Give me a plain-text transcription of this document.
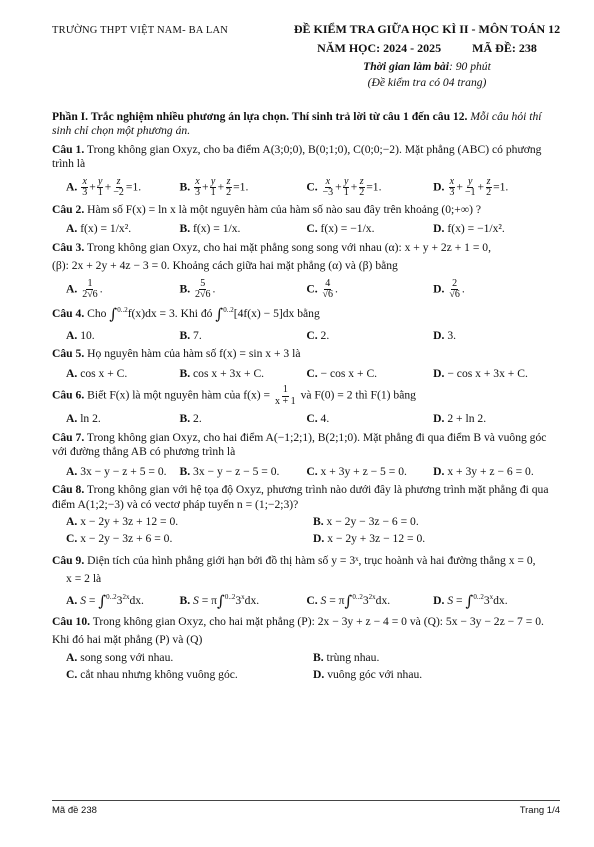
TRƯỜNG THPT VIỆT NAM- BA LAN	ĐỀ KIỂM TRA GIỮA HỌC KÌ II - MÔN TOÁN 12
NĂM HỌC: 2024 - 2025	MÃ ĐỀ: 238
Thời gian làm bài: 90 phút
(Đề kiểm tra có 04 trang)
Phần I. Trắc nghiệm nhiều phương án lựa chọn. Thí sinh trả lời từ câu 1 đến câu 12. Mỗi câu hỏi thí sinh chỉ chọn một phương án.

Câu 1. Trong không gian Oxyz, cho ba điểm A(3;0;0), B(0;1;0), C(0;0;−2). Mặt phẳng (ABC) có phương trình là

A. $\frac{x}{3} + \frac{y}{1} + \frac{z}{-2} =1$.	B. $\frac{x}{3} + \frac{y}{1} + \frac{z}{2} =1$.	C. $\frac{x}{-3} + \frac{y}{1} + \frac{z}{2} =1$.	D. $\frac{x}{3} + \frac{y}{-1} + \frac{z}{2} =1$.

Câu 2. Hàm số F(x) = ln x là một nguyên hàm của hàm số nào sau đây trên khoảng (0;+∞) ?

A. f(x) = 1/x².	B. f(x) = 1/x.	C. f(x) = −1/x.	D. f(x) = −1/x².

Câu 3. Trong không gian Oxyz, cho hai mặt phẳng song song với nhau (α): x + y + 2z + 1 = 0,

(β): 2x + 2y + 4z − 3 = 0. Khoảng cách giữa hai mặt phẳng (α) và (β) bằng

A. $\frac{1}{2√6}$ .	B. $\frac{5}{2√6}$ .	C. $\frac{4}{√6}$ .	D. $\frac{2}{√6}$ .

Câu 4. Cho ∫$^{0..2}$f(x)dx = 3. Khi đó ∫$^{0..2}$[4f(x) − 5]dx bằng

A. 10.	B. 7.	C. 2.	D. 3.

Câu 5. Họ nguyên hàm của hàm số f(x) = sin x + 3 là

A. cos x + C.	B. cos x + 3x + C.	C. − cos x + C.	D. − cos x + 3x + C.

Câu 6. Biết F(x) là một nguyên hàm của $f(x) = \frac{1}{x + 1}$ và F(0) = 2 thì F(1) bằng

A. ln 2.	B. 2.	C. 4.	D. 2 + ln 2.

Câu 7. Trong không gian Oxyz, cho hai điểm A(−1;2;1), B(2;1;0). Mặt phẳng đi qua điểm B và vuông góc với đường thẳng AB có phương trình là

A. 3x − y − z + 5 = 0.	B. 3x − y − z − 5 = 0.	C. x + 3y + z − 5 = 0.	D. x + 3y + z − 6 = 0.

Câu 8. Trong không gian với hệ tọa độ Oxyz, phương trình nào dưới đây là phương trình mặt phẳng đi qua điểm A(1;2;−3) và có vectơ pháp tuyến n = (1;−2;3)?

A. x − 2y + 3z + 12 = 0.	B. x − 2y − 3z − 6 = 0.
C. x − 2y − 3z + 6 = 0.	D. x − 2y + 3z − 12 = 0.

Câu 9. Diện tích của hình phẳng giới hạn bởi đồ thị hàm số y = 3ˣ, trục hoành và hai đường thẳng x = 0,

x = 2 là

A. $S = \int^{0..2}3^{2x}dx$.	B. $S = \pi\int^{0..2}3^xdx$.	C. $S = \pi\int^{0..2}3^{2x}dx$.	D. $S = \int^{0..2}3^xdx$.

Câu 10. Trong không gian Oxyz, cho hai mặt phẳng (P): 2x − 3y + z − 4 = 0 và (Q): 5x − 3y − 2z − 7 = 0.

Khi đó hai mặt phẳng (P) và (Q)

A. song song với nhau.	B. trùng nhau.
C. cắt nhau nhưng không vuông góc.	D. vuông góc với nhau.
Mã đề 238	Trang 1/4
